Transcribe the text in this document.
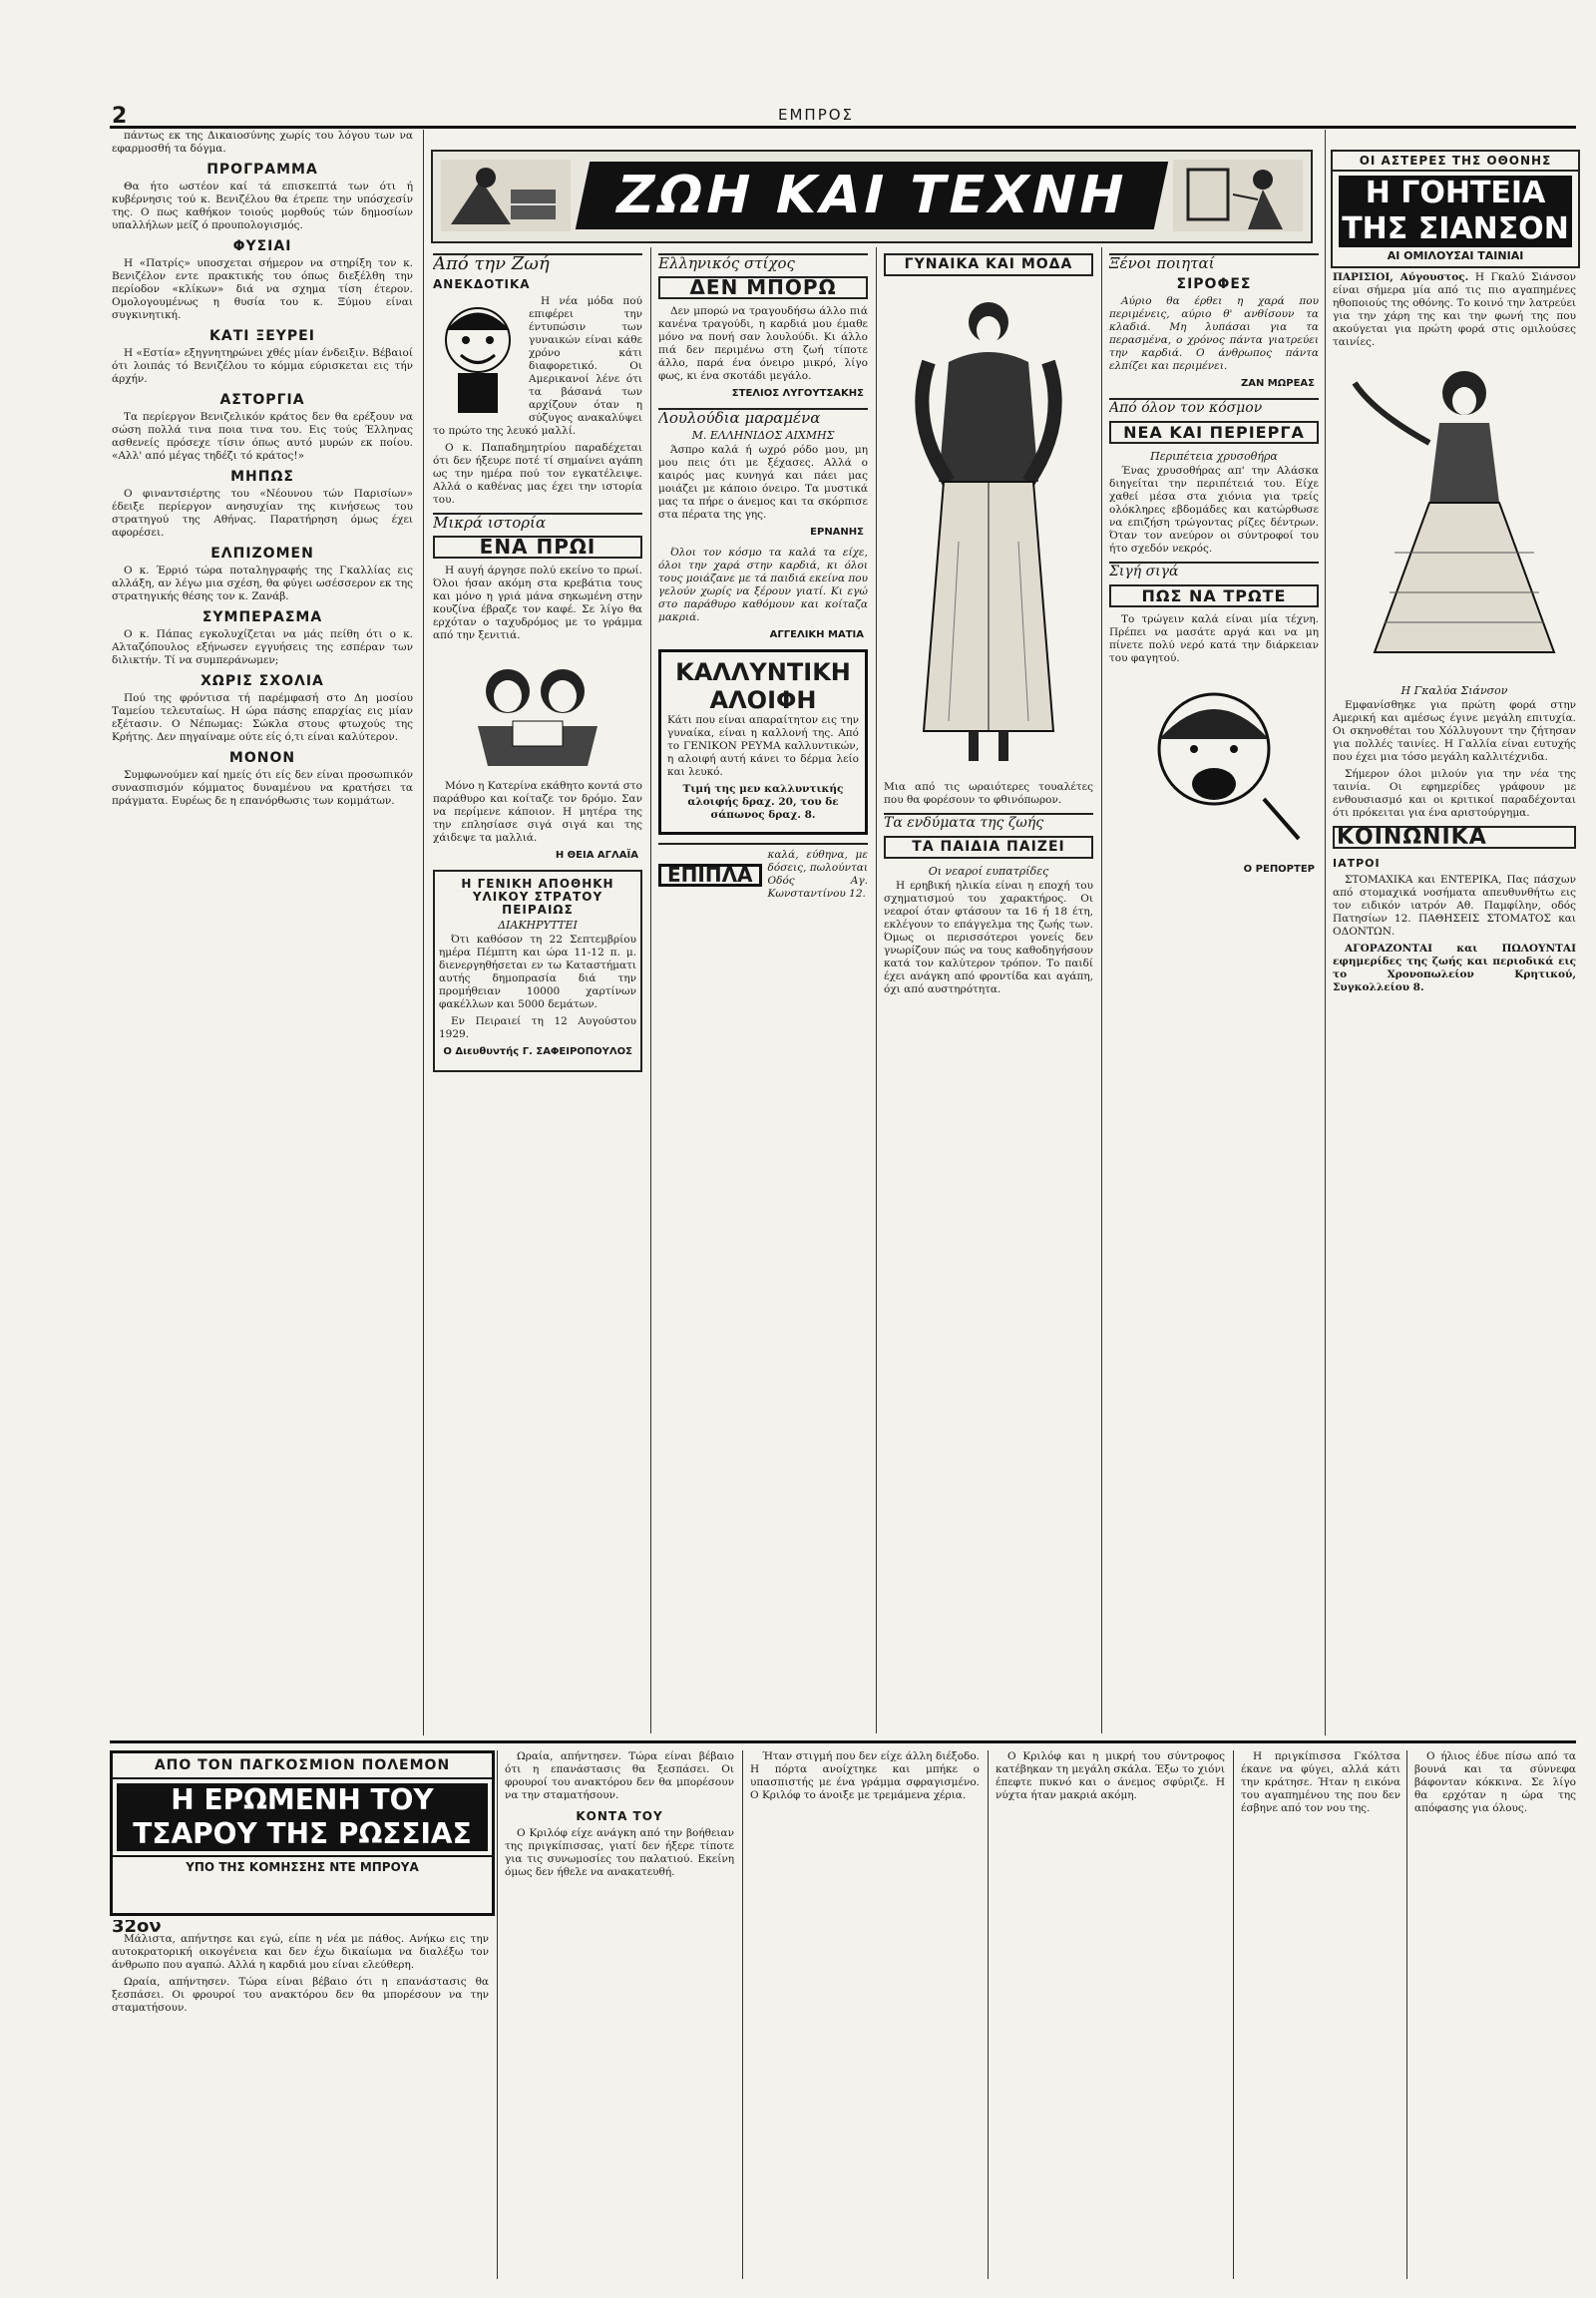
2	ΕΜΠΡΟΣ

πάντως εκ της Δικαιοσύνης χωρίς του λόγου των να εφαρμοσθή τα δόγμα.

ΠΡΟΓΡΑΜΜΑ

Θα ήτο ωστέον καί τά επισκεπτά των ότι ή κυβέρνησις τού κ. Βενιζέλου θα έτρεπε την υπόσχεσίν της. Ο πως καθήκον τοιούς μορθούς τών δημοσίων υπαλλήλων μείζ ό προυπολογισμός.

ΦΥΣΙΑΙ

Η «Πατρίς» υποσχεται σήμερον να στηρίξη τον κ. Βενιζέλον εντε πρακτικής του όπως διεξέλθη την περίοδον «κλίκων» διά να σχημα τίση έτερον. Ομολογουμένως η θυσία του κ. Ξύμου είναι συγκινητική.

ΚΑΤΙ ΞΕΥΡΕΙ

Η «Εστία» εξηγνητηρώνει χθές μίαν ένδειξιν. Βέβαιοί ότι λοιπάς τό Βενιζέλου το κόμμα εύρισκεται εις τήν άρχήν.

ΑΣΤΟΡΓΙΑ

Τα περίεργον Βενιζελικόν κράτος δεν θα ερέξουν να σώση πολλά τινα ποια τινα του. Εις τούς Έλληνας ασθενείς πρόσεχε τίσιν όπως αυτό μυρών εκ ποίου. «Αλλ' από μέγας τηδέζι τό κράτος!»

ΜΗΠΩΣ

Ο φιναντσιέρτης του «Νέουνου τών Παρισίων» έδειξε περίεργον ανησυχίαν της κινήσεως του στρατηγού της Αθήνας. Παρατήρηση όμως έχει αφορέσει.

ΕΛΠΙΖΟΜΕΝ

Ο κ. Έρριό τώρα ποταληγραφής της Γκαλλίας εις αλλάξη, αν λέγω μια σχέση, θα φύγει ωσέσσερον εκ της στρατηγικής θέσης τον κ. Ζανάβ.

ΣΥΜΠΕΡΑΣΜΑ

Ο κ. Πάπας εγκολυχίζεται να μάς πείθη ότι ο κ. Αλταζόπουλος εξήνωσεν εγγυήσεις της εσπέραν των διλικτήν. Τί να συμπεράνωμεν;

ΧΩΡΙΣ ΣΧΟΛΙΑ

Πού της φρόντισα τή παρέμφασή στο Δη μοσίου Ταμείου τελευταίως. Η ώρα πάσης επαρχίας εις μίαν εξέτασιν. Ο Νέπωμας: Σώκλα στους φτωχούς της Κρήτης. Δεν πηγαίναμε ούτε είς ό,τι είναι καλύτερον.

ΜΟΝΟΝ

Συμφωνούμεν καί ημείς ότι είς δεν είναι προσωπικόν συνασπισμόν κόμματος δυναμένου να κρατήσει τα πράγματα. Ευρέως δε η επανόρθωσις των κομμάτων.

ΖΩΗ ΚΑΙ ΤΕΧΝΗ
Από την Ζωή
ΑΝΕΚΔΟΤΙΚΑ

Η νέα μόδα πού επιφέρει την έντυπώσιν των γυναικών είναι κάθε χρόνο κάτι διαφορετικό. Οι Αμερικανοί λένε ότι τα βάσανά των αρχίζουν όταν η σύζυγος ανακαλύψει το πρώτο της λευκό μαλλί.

Ο κ. Παπαδημητρίου παραδέχεται ότι δεν ήξευρε ποτέ τί σημαίνει αγάπη ως την ημέρα πού τον εγκατέλειψε. Αλλά ο καθένας μας έχει την ιστορία του.

Μικρά ιστορία
ΕΝΑ ΠΡΩΙ

Η αυγή άργησε πολύ εκείνο το πρωί. Όλοι ήσαν ακόμη στα κρεβάτια τους και μόνο η γριά μάνα σηκωμένη στην κουζίνα έβραζε τον καφέ. Σε λίγο θα ερχόταν ο ταχυδρόμος με το γράμμα από την ξενιτιά.

Μόνο η Κατερίνα εκάθητο κοντά στο παράθυρο και κοίταζε τον δρόμο. Σαν να περίμενε κάποιον. Η μητέρα της την επλησίασε σιγά σιγά και της χάιδεψε τα μαλλιά.

Η ΘΕΙΑ ΑΓΛΑΪΑ
Η ΓΕΝΙΚΗ ΑΠΟΘΗΚΗ ΥΛΙΚΟΥ ΣΤΡΑΤΟΥ ΠΕΙΡΑΙΩΣ
ΔΙΑΚΗΡΥΤΤΕΙ

Ότι καθόσον τη 22 Σεπτεμβρίου ημέρα Πέμπτη και ώρα 11-12 π. μ. διενεργηθήσεται εν τω Καταστήματι αυτής δημοπρασία διά την προμήθειαν 10000 χαρτίνων φακέλλων και 5000 δεμάτων.

Εν Πειραιεί τη 12 Αυγούστου 1929.

Ο Διευθυντής Γ. ΣΑΦΕΙΡΟΠΟΥΛΟΣ
Ελληνικός στίχος
ΔΕΝ ΜΠΟΡΩ

Δεν μπορώ να τραγουδήσω άλλο πιά κανένα τραγούδι, η καρδιά μου έμαθε μόνο να πονή σαν λουλούδι. Κι άλλο πιά δεν περιμένω στη ζωή τίποτε άλλο, παρά ένα όνειρο μικρό, λίγο φως, κι ένα σκοτάδι μεγάλο.

ΣΤΕΛΙΟΣ ΛΥΓΟΥΤΣΑΚΗΣ
Λουλούδια μαραμένα
Μ. ΕΛΛΗΝΙΔΟΣ ΑΙΧΜΗΣ

Άσπρο καλά ή ωχρό ρόδο μου, μη μου πεις ότι με ξέχασες. Αλλά ο καιρός μας κυνηγά και πάει μας μοιάζει με κάποιο όνειρο. Τα μυστικά μας τα πήρε ο άνεμος και τα σκόρπισε στα πέρατα της γης.

ΕΡΝΑΝΗΣ

Όλοι τον κόσμο τα καλά τα είχε, όλοι την χαρά στην καρδιά, κι όλοι τους μοιάζανε με τά παιδιά εκείνα που γελούν χωρίς να ξέρουν γιατί. Κι εγώ στο παράθυρο καθόμουν και κοίταζα μακριά.

ΑΓΓΕΛΙΚΗ ΜΑΤΙΑ
ΚΑΛΛΥΝΤΙΚΗ ΑΛΟΙΦΗ

Κάτι που είναι απαραίτητον εις την γυναίκα, είναι η καλλονή της. Από το ΓΕΝΙΚΟΝ ΡΕΥΜΑ καλλυντικών, η αλοιφή αυτή κάνει το δέρμα λείο και λευκό.

Τιμή της μεν καλλυντικής αλοιφής δραχ. 20, του δε σάπωνος δραχ. 8.

ΕΠΙΠΛΑ
καλά, εύθηνα, με δόσεις, πωλούνται Οδός Αγ. Κωνσταντίνου 12.
ΓΥΝΑΙΚΑ ΚΑΙ ΜΟΔΑ

Μια από τις ωραιότερες τουαλέτες που θα φορέσουν το φθινόπωρον.

Τα ενδύματα της ζωής
ΤΑ ΠΑΙΔΙΑ ΠΑΙΖΕΙ
Οι νεαροί ευπατρίδες

Η ερηβική ηλικία είναι η εποχή του σχηματισμού του χαρακτήρος. Οι νεαροί όταν φτάσουν τα 16 ή 18 έτη, εκλέγουν το επάγγελμα της ζωής των. Όμως οι περισσότεροι γονείς δεν γνωρίζουν πώς να τους καθοδηγήσουν κατά τον καλύτερον τρόπον. Το παιδί έχει ανάγκη από φροντίδα και αγάπη, όχι από αυστηρότητα.

Ξένοι ποιηταί
ΣΙΡΟΦΕΣ

Αύριο θα έρθει η χαρά που περιμένεις, αύριο θ' ανθίσουν τα κλαδιά. Μη λυπάσαι για τα περασμένα, ο χρόνος πάντα γιατρεύει την καρδιά. Ο άνθρωπος πάντα ελπίζει και περιμένει.

ΖΑΝ ΜΩΡΕΑΣ
Από όλον τον κόσμον
ΝΕΑ ΚΑΙ ΠΕΡΙΕΡΓΑ
Περιπέτεια χρυσοθήρα

Ένας χρυσοθήρας απ' την Αλάσκα διηγείται την περιπέτειά του. Είχε χαθεί μέσα στα χιόνια για τρείς ολόκληρες εβδομάδες και κατώρθωσε να επιζήση τρώγοντας ρίζες δέντρων. Όταν τον ανεύρον οι σύντροφοί του ήτο σχεδόν νεκρός.

Σιγή σιγά
ΠΩΣ ΝΑ ΤΡΩΤΕ

Το τρώγειν καλά είναι μία τέχνη. Πρέπει να μασάτε αργά και να μη πίνετε πολύ νερό κατά την διάρκειαν του φαγητού.

Ο ΡΕΠΟΡΤΕΡ
ΟΙ ΑΣΤΕΡΕΣ ΤΗΣ ΟΘΟΝΗΣ
Η ΓΟΗΤΕΙΑ ΤΗΣ ΣΙΑΝΣΟΝ
ΑΙ ΟΜΙΛΟΥΣΑΙ ΤΑΙΝΙΑΙ

ΠΑΡΙΣΙΟΙ, Αύγουστος. Η Γκαλύ Σιάνσον είναι σήμερα μία από τις πιο αγαπημένες ηθοποιούς της οθόνης. Το κοινό την λατρεύει για την χάρη της και την φωνή της που ακούγεται για πρώτη φορά στις ομιλούσες ταινίες.

Η Γκαλύα Σιάνσον

Εμφανίσθηκε για πρώτη φορά στην Αμερική και αμέσως έγινε μεγάλη επιτυχία. Οι σκηνοθέται του Χόλλυγουντ την ζήτησαν για πολλές ταινίες. Η Γαλλία είναι ευτυχής που έχει μια τόσο μεγάλη καλλιτέχνιδα.

Σήμερον όλοι μιλούν για την νέα της ταινία. Οι εφημερίδες γράφουν με ενθουσιασμό και οι κριτικοί παραδέχονται ότι πρόκειται για ένα αριστούργημα.

ΚΟΙΝΩΝΙΚΑ
ΙΑΤΡΟΙ

ΣΤΟΜΑΧΙΚΑ και ΕΝΤΕΡΙΚΑ, Πας πάσχων από στομαχικά νοσήματα απευθυνθήτω εις τον ειδικόν ιατρόν Αθ. Παμφίλην, οδός Πατησίων 12. ΠΑΘΗΣΕΙΣ ΣΤΟΜΑΤΟΣ και ΟΔΟΝΤΩΝ.

ΑΓΟΡΑΖΟΝΤΑΙ και ΠΩΛΟΥΝΤΑΙ εφημερίδες της ζωής και περιοδικά εις το Χρονοπωλείον Κρητικού, Συγκολλείου 8.

ΑΠΟ ΤΟΝ ΠΑΓΚΟΣΜΙΟΝ ΠΟΛΕΜΟΝ
Η ΕΡΩΜΕΝΗ ΤΟΥ ΤΣΑΡΟΥ ΤΗΣ ΡΩΣΣΙΑΣ
ΥΠΟ ΤΗΣ ΚΟΜΗΣΣΗΣ ΝΤΕ ΜΠΡΟΥΑ
32ον

Μάλιστα, απήντησε και εγώ, είπε η νέα με πάθος. Ανήκω εις την αυτοκρατορική οικογένεια και δεν έχω δικαίωμα να διαλέξω τον άνθρωπο που αγαπώ. Αλλά η καρδιά μου είναι ελεύθερη.

Ωραία, απήντησεν. Τώρα είναι βέβαιο ότι η επανάστασις θα ξεσπάσει. Οι φρουροί του ανακτόρου δεν θα μπορέσουν να την σταματήσουν.

Ωραία, απήντησεν. Τώρα είναι βέβαιο ότι η επανάστασις θα ξεσπάσει. Οι φρουροί του ανακτόρου δεν θα μπορέσουν να την σταματήσουν.

ΚΟΝΤΑ ΤΟΥ

Ο Κριλόφ είχε ανάγκη από την βοήθειαν της πριγκίπισσας, γιατί δεν ήξερε τίποτε για τις συνωμοσίες του παλατιού. Εκείνη όμως δεν ήθελε να ανακατευθή.

Ήταν στιγμή που δεν είχε άλλη διέξοδο. Η πόρτα ανοίχτηκε και μπήκε ο υπασπιστής με ένα γράμμα σφραγισμένο. Ο Κριλόφ το άνοιξε με τρεμάμενα χέρια.

Ο Κριλόφ και η μικρή του σύντροφος κατέβηκαν τη μεγάλη σκάλα. Έξω το χιόνι έπεφτε πυκνό και ο άνεμος σφύριζε. Η νύχτα ήταν μακριά ακόμη.

Η πριγκίπισσα Γκόλτσα έκανε να φύγει, αλλά κάτι την κράτησε. Ήταν η εικόνα του αγαπημένου της που δεν έσβηνε από τον νου της.

Ο ήλιος έδυε πίσω από τα βουνά και τα σύννεφα βάφονταν κόκκινα. Σε λίγο θα ερχόταν η ώρα της απόφασης για όλους.
